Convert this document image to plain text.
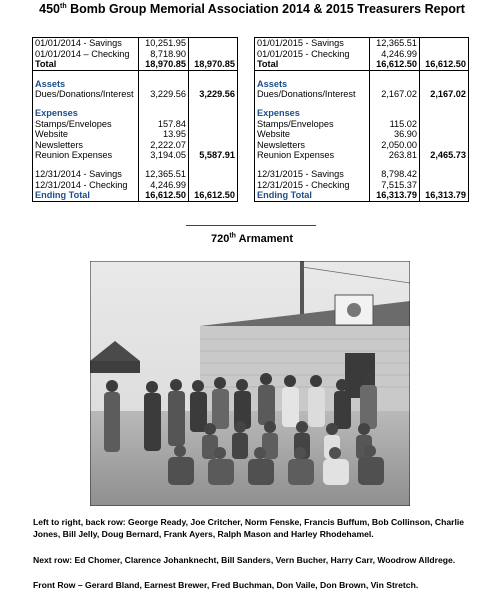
450th Bomb Group Memorial Association 2014 & 2015 Treasurers Report
01/01/2014 - Savings	10,251.95	
01/01/2014 – Checking	8,718.90	
Total	18,970.85	18,970.85

Assets		
Dues/Donations/Interest	3,229.56	3,229.56

Expenses		
Stamps/Envelopes	157.84	
Website	13.95	
Newsletters	2,222.07	
Reunion Expenses	3,194.05	5,587.91

12/31/2014 - Savings	12,365.51	
12/31/2014 - Checking	4,246.99	
Ending Total	16,612.50	16,612.50
01/01/2015 - Savings	12,365.51	
01/01/2015 - Checking	4,246.99	
Total	16,612.50	16,612.50

Assets		
Dues/Donations/Interest	2,167.02	2,167.02

Expenses		
Stamps/Envelopes	115.02	
Website	36.90	
Newsletters	2,050.00	
Reunion Expenses	263.81	2,465.73

12/31/2015 - Savings	8,798.42	
12/31/2015 - Checking	7,515.37	
Ending Total	16,313.79	16,313.79
720th Armament
Left to right, back row: George Ready, Joe Critcher, Norm Fenske, Francis Buffum, Bob Collinson, Charlie Jones, Bill Jelly, Doug Bernard, Frank Ayers, Ralph Mason and Harley Rhodehamel.
Next row: Ed Chomer, Clarence Johanknecht, Bill Sanders, Vern Bucher, Harry Carr, Woodrow Alldrege.
Front Row – Gerard Bland, Earnest Brewer, Fred Buchman, Don Vaile, Don Brown, Vin Stretch.
